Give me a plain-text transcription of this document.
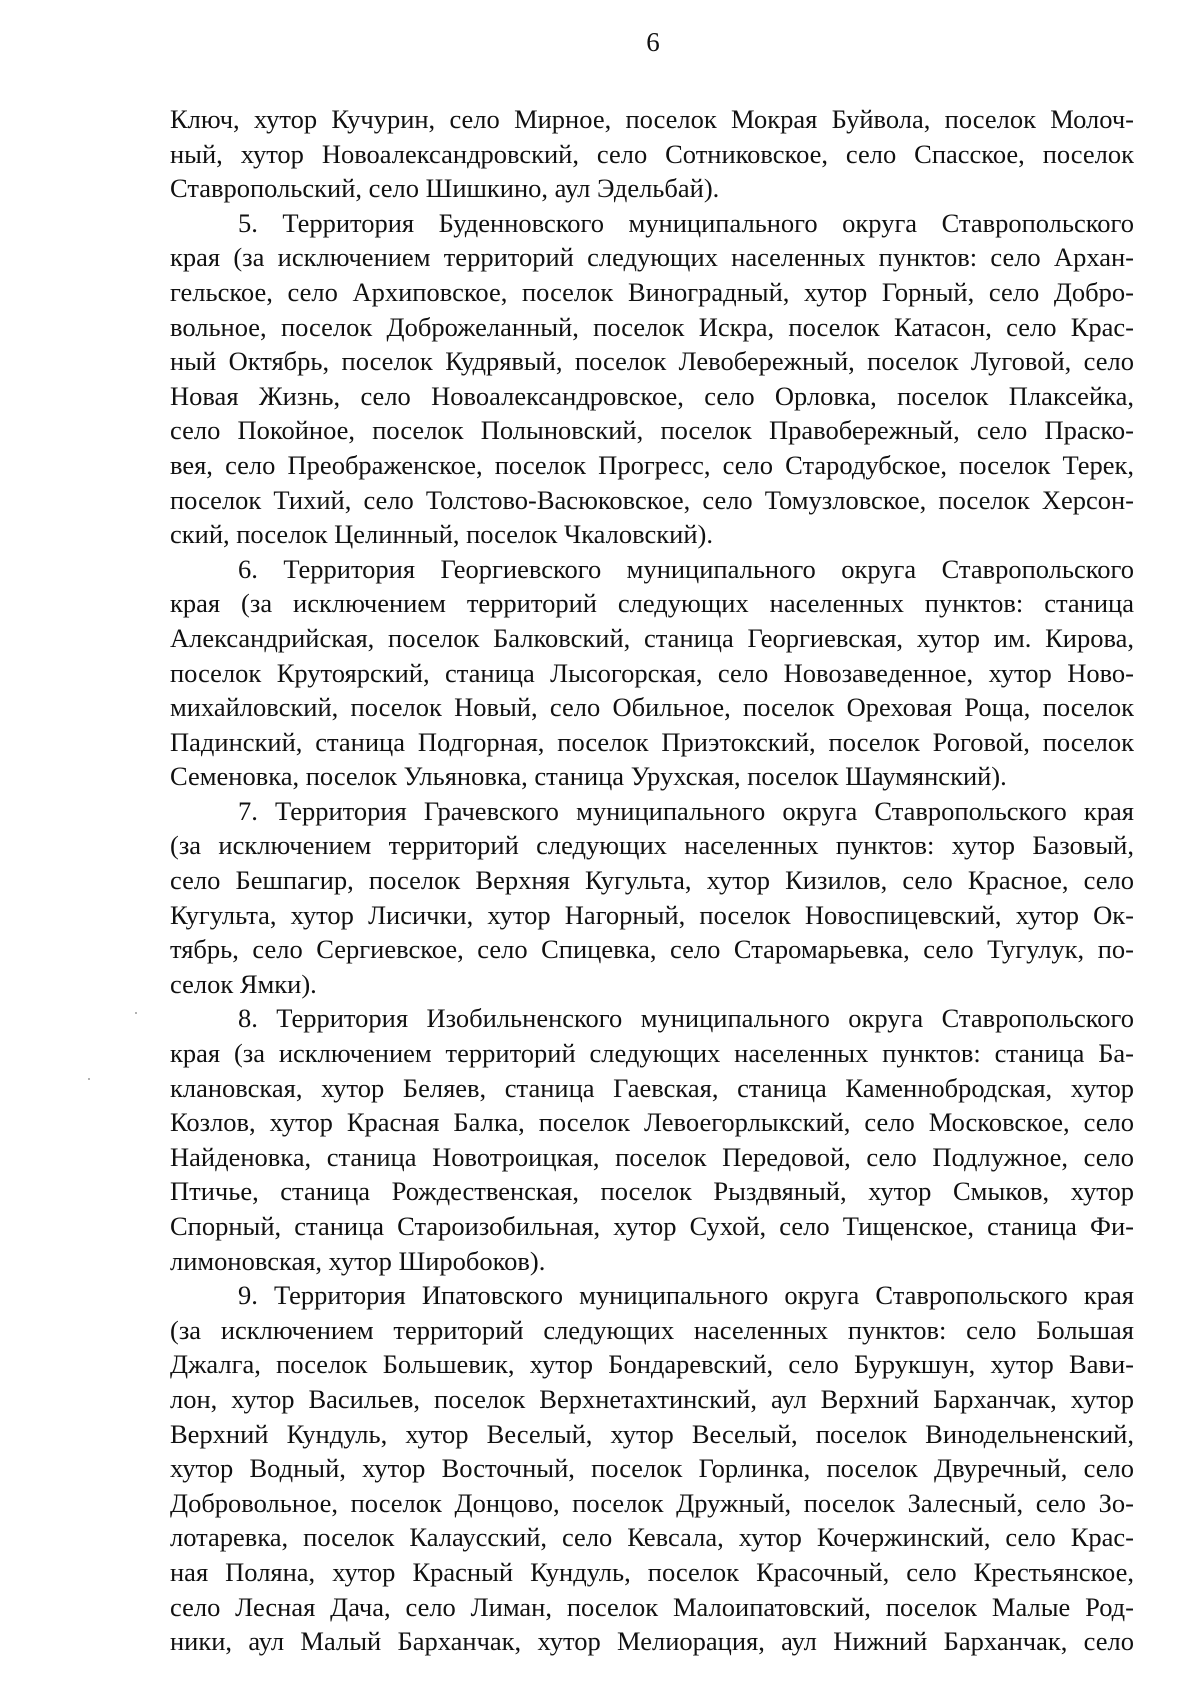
6
Ключ, хутор Кучурин, село Мирное, поселок Мокрая Буйвола, поселок Молоч-
ный, хутор Новоалександровский, село Сотниковское, село Спасское, поселок
Ставропольский, село Шишкино, аул Эдельбай).
5. Территория Буденновского муниципального округа Ставропольского
края (за исключением территорий следующих населенных пунктов: село Архан-
гельское, село Архиповское, поселок Виноградный, хутор Горный, село Добро-
вольное, поселок Доброжеланный, поселок Искра, поселок Катасон, село Крас-
ный Октябрь, поселок Кудрявый, поселок Левобережный, поселок Луговой, село
Новая Жизнь, село Новоалександровское, село Орловка, поселок Плаксейка,
село Покойное, поселок Полыновский, поселок Правобережный, село Праско-
вея, село Преображенское, поселок Прогресс, село Стародубское, поселок Терек,
поселок Тихий, село Толстово-Васюковское, село Томузловское, поселок Херсон-
ский, поселок Целинный, поселок Чкаловский).
6. Территория Георгиевского муниципального округа Ставропольского
края (за исключением территорий следующих населенных пунктов: станица
Александрийская, поселок Балковский, станица Георгиевская, хутор им. Кирова,
поселок Крутоярский, станица Лысогорская, село Новозаведенное, хутор Ново-
михайловский, поселок Новый, село Обильное, поселок Ореховая Роща, поселок
Падинский, станица Подгорная, поселок Приэтокский, поселок Роговой, поселок
Семеновка, поселок Ульяновка, станица Урухская, поселок Шаумянский).
7. Территория Грачевского муниципального округа Ставропольского края
(за исключением территорий следующих населенных пунктов: хутор Базовый,
село Бешпагир, поселок Верхняя Кугульта, хутор Кизилов, село Красное, село
Кугульта, хутор Лисички, хутор Нагорный, поселок Новоспицевский, хутор Ок-
тябрь, село Сергиевское, село Спицевка, село Старомарьевка, село Тугулук, по-
селок Ямки).
8. Территория Изобильненского муниципального округа Ставропольского
края (за исключением территорий следующих населенных пунктов: станица Ба-
клановская, хутор Беляев, станица Гаевская, станица Каменнобродская, хутор
Козлов, хутор Красная Балка, поселок Левоегорлыкский, село Московское, село
Найденовка, станица Новотроицкая, поселок Передовой, село Подлужное, село
Птичье, станица Рождественская, поселок Рыздвяный, хутор Смыков, хутор
Спорный, станица Староизобильная, хутор Сухой, село Тищенское, станица Фи-
лимоновская, хутор Широбоков).
9. Территория Ипатовского муниципального округа Ставропольского края
(за исключением территорий следующих населенных пунктов: село Большая
Джалга, поселок Большевик, хутор Бондаревский, село Бурукшун, хутор Вави-
лон, хутор Васильев, поселок Верхнетахтинский, аул Верхний Барханчак, хутор
Верхний Кундуль, хутор Веселый, хутор Веселый, поселок Винодельненский,
хутор Водный, хутор Восточный, поселок Горлинка, поселок Двуречный, село
Добровольное, поселок Донцово, поселок Дружный, поселок Залесный, село Зо-
лотаревка, поселок Калаусский, село Кевсала, хутор Кочержинский, село Крас-
ная Поляна, хутор Красный Кундуль, поселок Красочный, село Крестьянское,
село Лесная Дача, село Лиман, поселок Малоипатовский, поселок Малые Род-
ники, аул Малый Барханчак, хутор Мелиорация, аул Нижний Барханчак, село
